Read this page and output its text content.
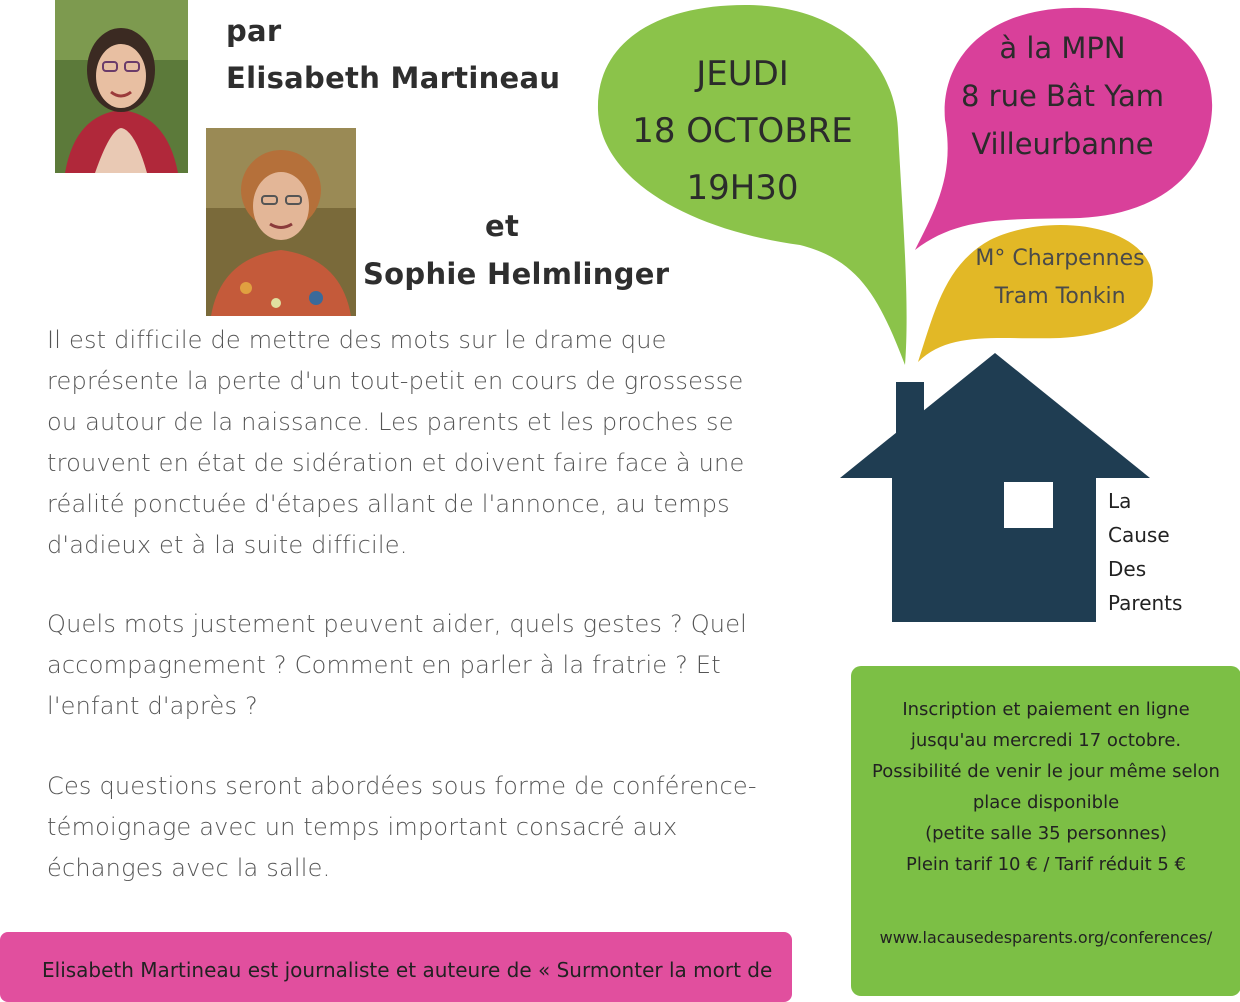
par
Elisabeth Martineau
et
Sophie Helmlinger
Il est difficile de mettre des mots sur le drame que représente la perte d'un tout-petit en cours de grossesse ou autour de la naissance. Les parents et les proches se trouvent en état de sidération et doivent faire face à une réalité ponctuée d'étapes allant de l'annonce, au temps d'adieux et à la suite difficile.
Quels mots justement peuvent aider, quels gestes ? Quel accompagnement ? Comment en parler à la fratrie ? Et l'enfant d'après ?
Ces questions seront abordées sous forme de conférence-témoignage avec un temps important consacré aux échanges avec la salle.
JEUDI
18 OCTOBRE
19H30
à la MPN
8 rue Bât Yam
Villeurbanne
M° Charpennes
Tram Tonkin
La
Cause
Des
Parents
Inscription et paiement en ligne
jusqu'au mercredi 17 octobre.
Possibilité de venir le jour même selon
place disponible
(petite salle 35 personnes)
Plein tarif 10 € / Tarif réduit 5 €
www.lacausedesparents.org/conferences/
Elisabeth Martineau est journaliste et auteure de « Surmonter la mort de
